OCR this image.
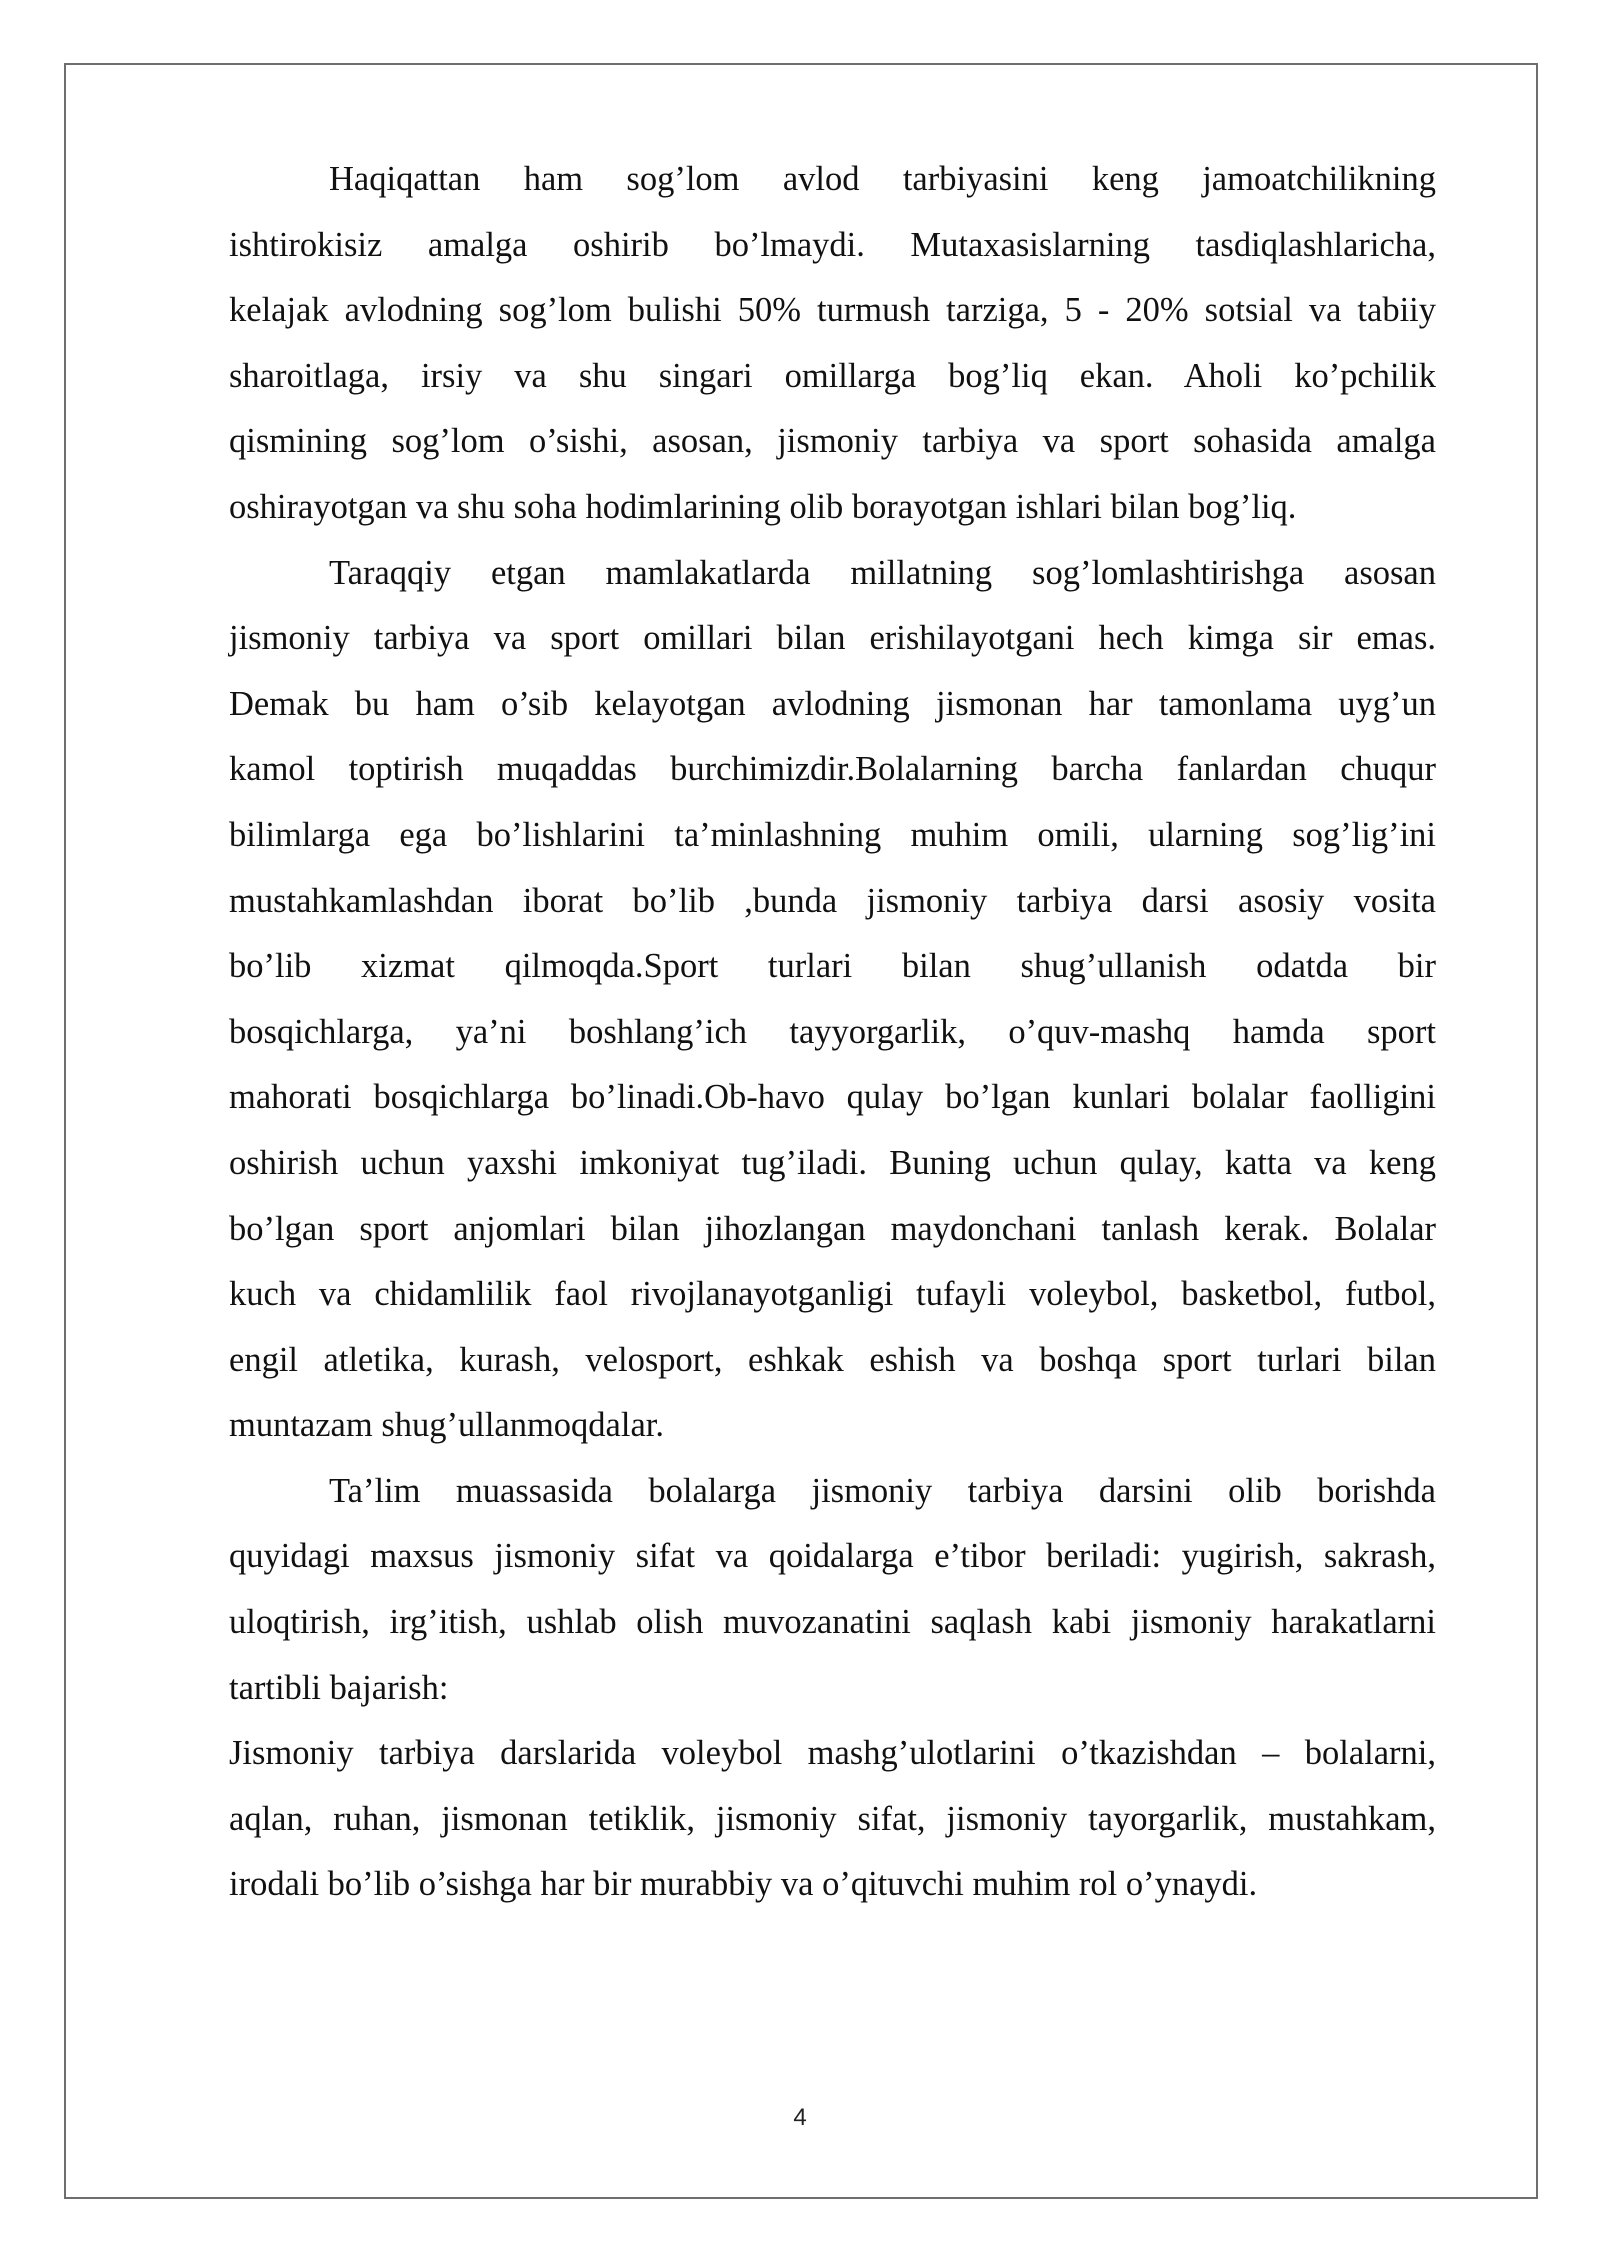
Haqiqattan ham sog’lom avlod tarbiyasini keng jamoatchilikning
ishtirokisiz amalga oshirib bo’lmaydi. Mutaxasislarning tasdiqlashlaricha,
kelajak avlodning sog’lom bulishi 50% turmush tarziga, 5 - 20% sotsial va tabiiy
sharoitlaga, irsiy va shu singari omillarga bog’liq ekan. Aholi ko’pchilik
qismining sog’lom o’sishi, asosan, jismoniy tarbiya va sport sohasida amalga
oshirayotgan va shu soha hodimlarining olib borayotgan ishlari bilan bog’liq.

Taraqqiy etgan mamlakatlarda millatning sog’lomlashtirishga asosan
jismoniy tarbiya va sport omillari bilan erishilayotgani hech kimga sir emas.
Demak bu ham o’sib kelayotgan avlodning jismonan har tamonlama uyg’un
kamol toptirish muqaddas burchimizdir.Bolalarning barcha fanlardan chuqur
bilimlarga ega bo’lishlarini ta’minlashning muhim omili, ularning sog’lig’ini
mustahkamlashdan iborat bo’lib ,bunda jismoniy tarbiya darsi asosiy vosita
bo’lib xizmat qilmoqda.Sport turlari bilan shug’ullanish odatda bir
bosqichlarga, ya’ni boshlang’ich tayyorgarlik, o’quv-mashq hamda sport
mahorati bosqichlarga bo’linadi.Ob-havo qulay bo’lgan kunlari bolalar faolligini
oshirish uchun yaxshi imkoniyat tug’iladi. Buning uchun qulay, katta va keng
bo’lgan sport anjomlari bilan jihozlangan maydonchani tanlash kerak. Bolalar
kuch va chidamlilik faol rivojlanayotganligi tufayli voleybol, basketbol, futbol,
engil atletika, kurash, velosport, eshkak eshish va boshqa sport turlari bilan
muntazam shug’ullanmoqdalar.

Ta’lim muassasida bolalarga jismoniy tarbiya darsini olib borishda
quyidagi maxsus jismoniy sifat va qoidalarga e’tibor beriladi: yugirish, sakrash,
uloqtirish, irg’itish, ushlab olish muvozanatini saqlash kabi jismoniy harakatlarni
tartibli bajarish:

Jismoniy tarbiya darslarida voleybol mashg’ulotlarini o’tkazishdan – bolalarni,
aqlan, ruhan, jismonan tetiklik, jismoniy sifat, jismoniy tayorgarlik, mustahkam,
irodali bo’lib o’sishga har bir murabbiy va o’qituvchi muhim rol o’ynaydi.

4
